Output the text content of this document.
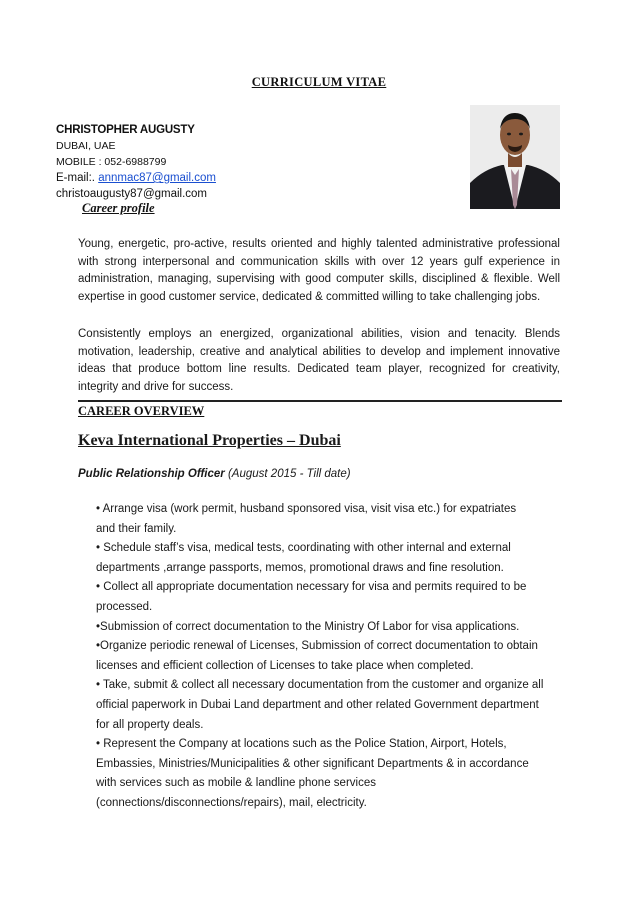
CURRICULUM VITAE
CHRISTOPHER AUGUSTY
DUBAI, UAE
MOBILE : 052-6988799
E-mail:. annmac87@gmail.com
christoaugusty87@gmail.com
Career profile
Young, energetic, pro-active, results oriented and highly talented administrative professional with strong interpersonal and communication skills with over 12 years gulf experience in administration, managing, supervising with good computer skills, disciplined & flexible. Well expertise in good customer service, dedicated & committed willing to take challenging jobs.
Consistently employs an energized, organizational abilities, vision and tenacity. Blends motivation, leadership, creative and analytical abilities to develop and implement innovative ideas that produce bottom line results. Dedicated team player, recognized for creativity, integrity and drive for success.
CAREER OVERVIEW
Keva International Properties – Dubai
Public Relationship Officer (August 2015 - Till date)
• Arrange visa (work permit, husband sponsored visa, visit visa etc.) for expatriates
and their family.
• Schedule staff’s visa, medical tests, coordinating with other internal and external
departments ,arrange passports, memos, promotional draws and fine resolution.
• Collect all appropriate documentation necessary for visa and permits required to be
processed.
•Submission of correct documentation to the Ministry Of Labor for visa applications.
•Organize periodic renewal of Licenses, Submission of correct documentation to obtain
licenses and efficient collection of Licenses to take place when completed.
• Take, submit & collect all necessary documentation from the customer and organize all
official paperwork in Dubai Land department and other related Government department
for all property deals.
• Represent the Company at locations such as the Police Station, Airport, Hotels,
Embassies, Ministries/Municipalities & other significant Departments & in accordance
with services such as mobile & landline phone services
(connections/disconnections/repairs), mail, electricity.
